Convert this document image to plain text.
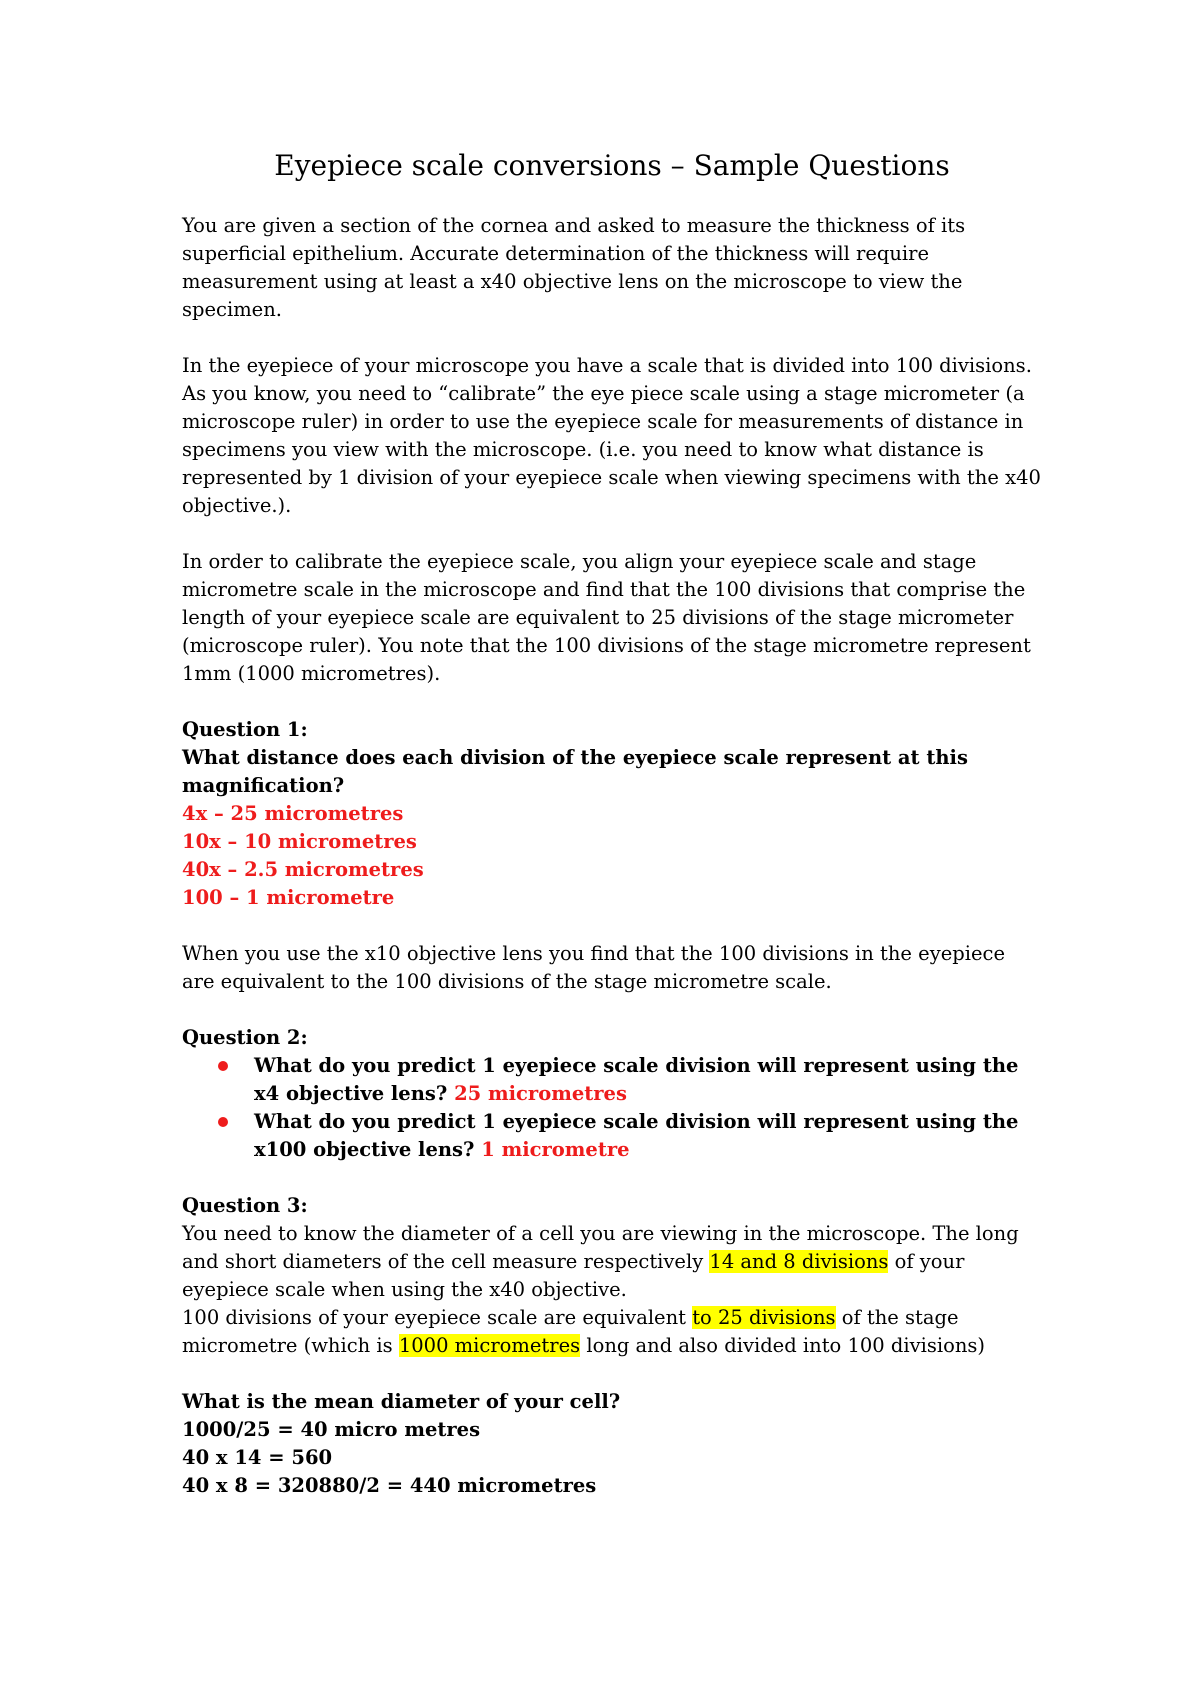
Eyepiece scale conversions – Sample Questions

You are given a section of the cornea and asked to measure the thickness of its superficial epithelium. Accurate determination of the thickness will require measurement using at least a x40 objective lens on the microscope to view the specimen.

In the eyepiece of your microscope you have a scale that is divided into 100 divisions. As you know, you need to “calibrate” the eye piece scale using a stage micrometer (a microscope ruler) in order to use the eyepiece scale for measurements of distance in specimens you view with the microscope. (i.e. you need to know what distance is represented by 1 division of your eyepiece scale when viewing specimens with the x40 objective.).

In order to calibrate the eyepiece scale, you align your eyepiece scale and stage micrometre scale in the microscope and find that the 100 divisions that comprise the length of your eyepiece scale are equivalent to 25 divisions of the stage micrometer (microscope ruler). You note that the 100 divisions of the stage micrometre represent 1mm (1000 micrometres).

Question 1:
What distance does each division of the eyepiece scale represent at this magnification?
4x – 25 micrometres
10x – 10 micrometres
40x – 2.5 micrometres
100 – 1 micrometre

When you use the x10 objective lens you find that the 100 divisions in the eyepiece are equivalent to the 100 divisions of the stage micrometre scale.

Question 2:
What do you predict 1 eyepiece scale division will represent using the x4 objective lens? 25 micrometres
What do you predict 1 eyepiece scale division will represent using the x100 objective lens? 1 micrometre
Question 3:
You need to know the diameter of a cell you are viewing in the microscope. The long and short diameters of the cell measure respectively 14 and 8 divisions of your eyepiece scale when using the x40 objective.
100 divisions of your eyepiece scale are equivalent to 25 divisions of the stage micrometre (which is 1000 micrometres long and also divided into 100 divisions)
What is the mean diameter of your cell?
1000/25 = 40 micro metres
40 x 14 = 560
40 x 8 = 320880/2 = 440 micrometres
